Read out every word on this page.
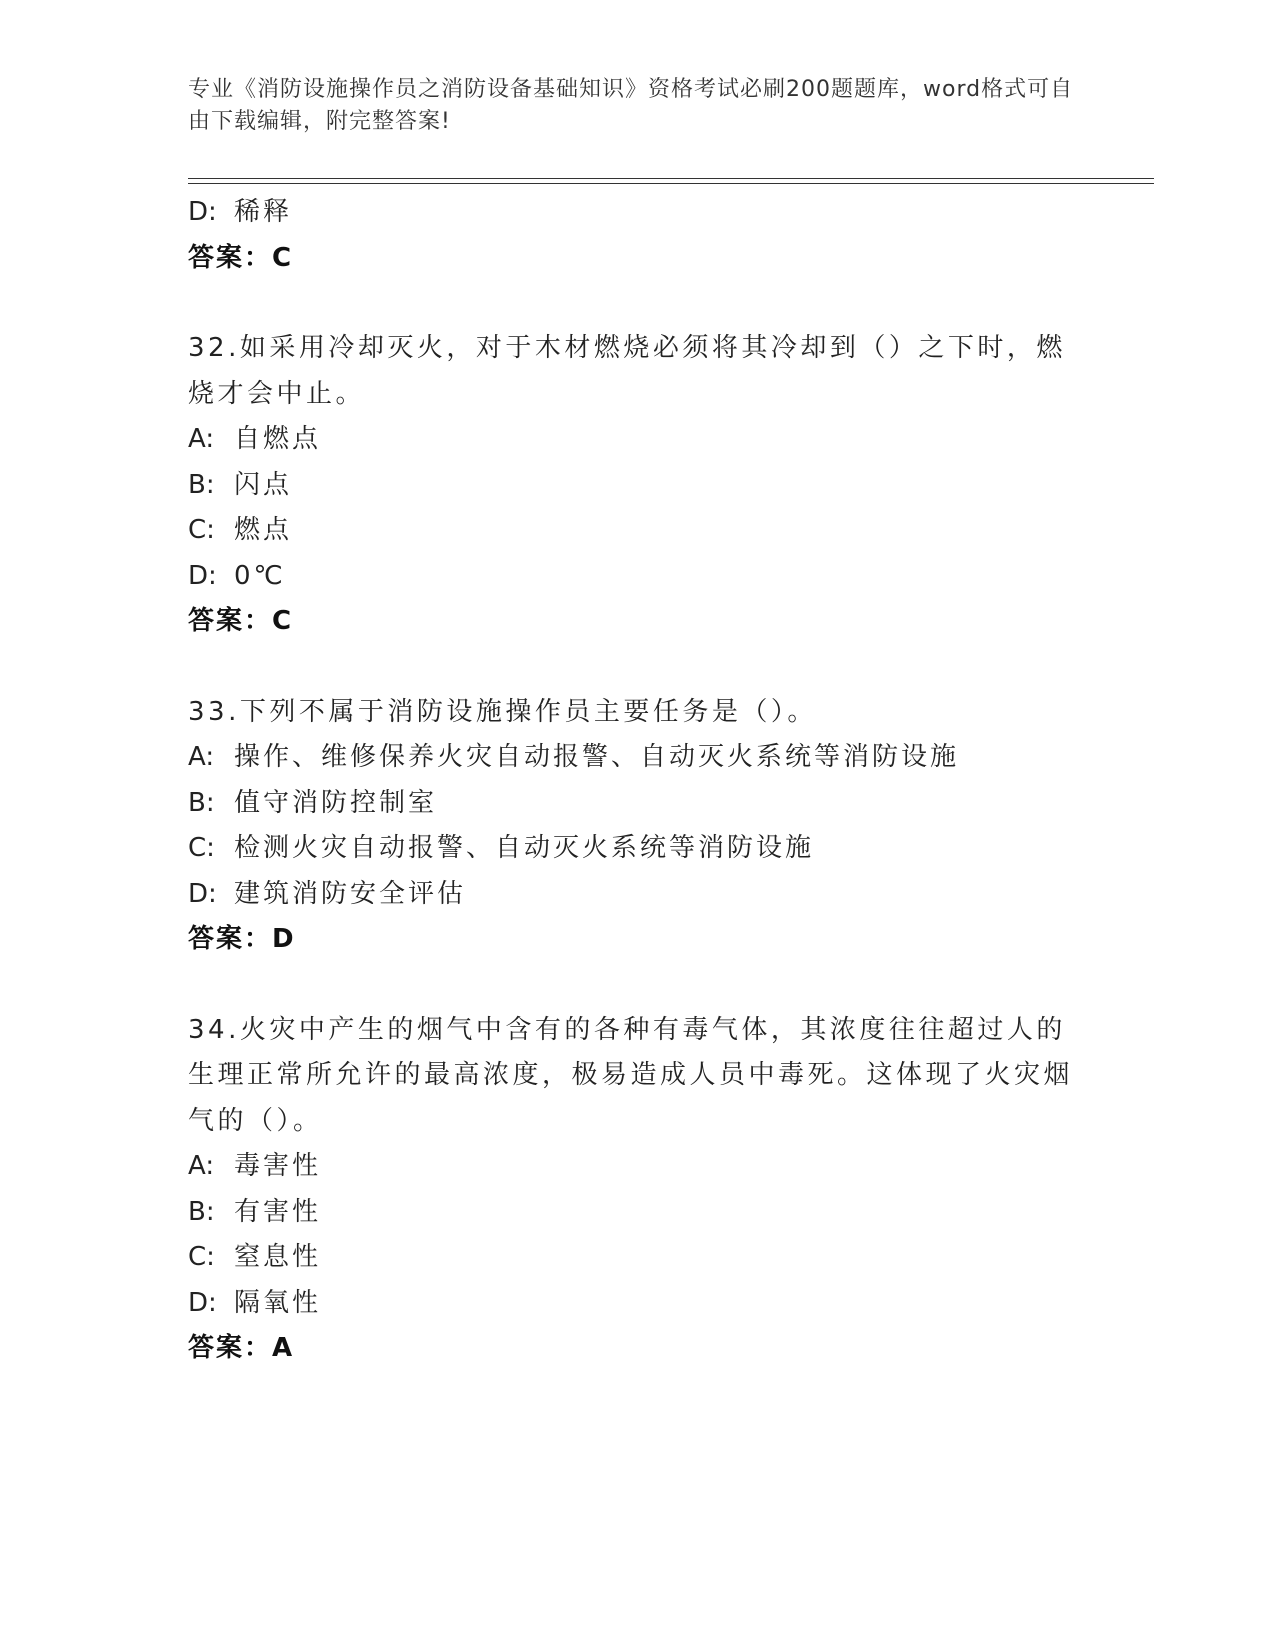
专业《消防设施操作员之消防设备基础知识》资格考试必刷200题题库，word格式可自由下载编辑，附完整答案!
D: 稀释
答案：C
32.如采用冷却灭火，对于木材燃烧必须将其冷却到（）之下时，燃烧才会中止。
A: 自燃点
B: 闪点
C: 燃点
D: 0℃
答案：C
33.下列不属于消防设施操作员主要任务是（）。
A: 操作、维修保养火灾自动报警、自动灭火系统等消防设施
B: 值守消防控制室
C: 检测火灾自动报警、自动灭火系统等消防设施
D: 建筑消防安全评估
答案：D
34.火灾中产生的烟气中含有的各种有毒气体，其浓度往往超过人的生理正常所允许的最高浓度，极易造成人员中毒死。这体现了火灾烟气的（）。
A: 毒害性
B: 有害性
C: 窒息性
D: 隔氧性
答案：A
